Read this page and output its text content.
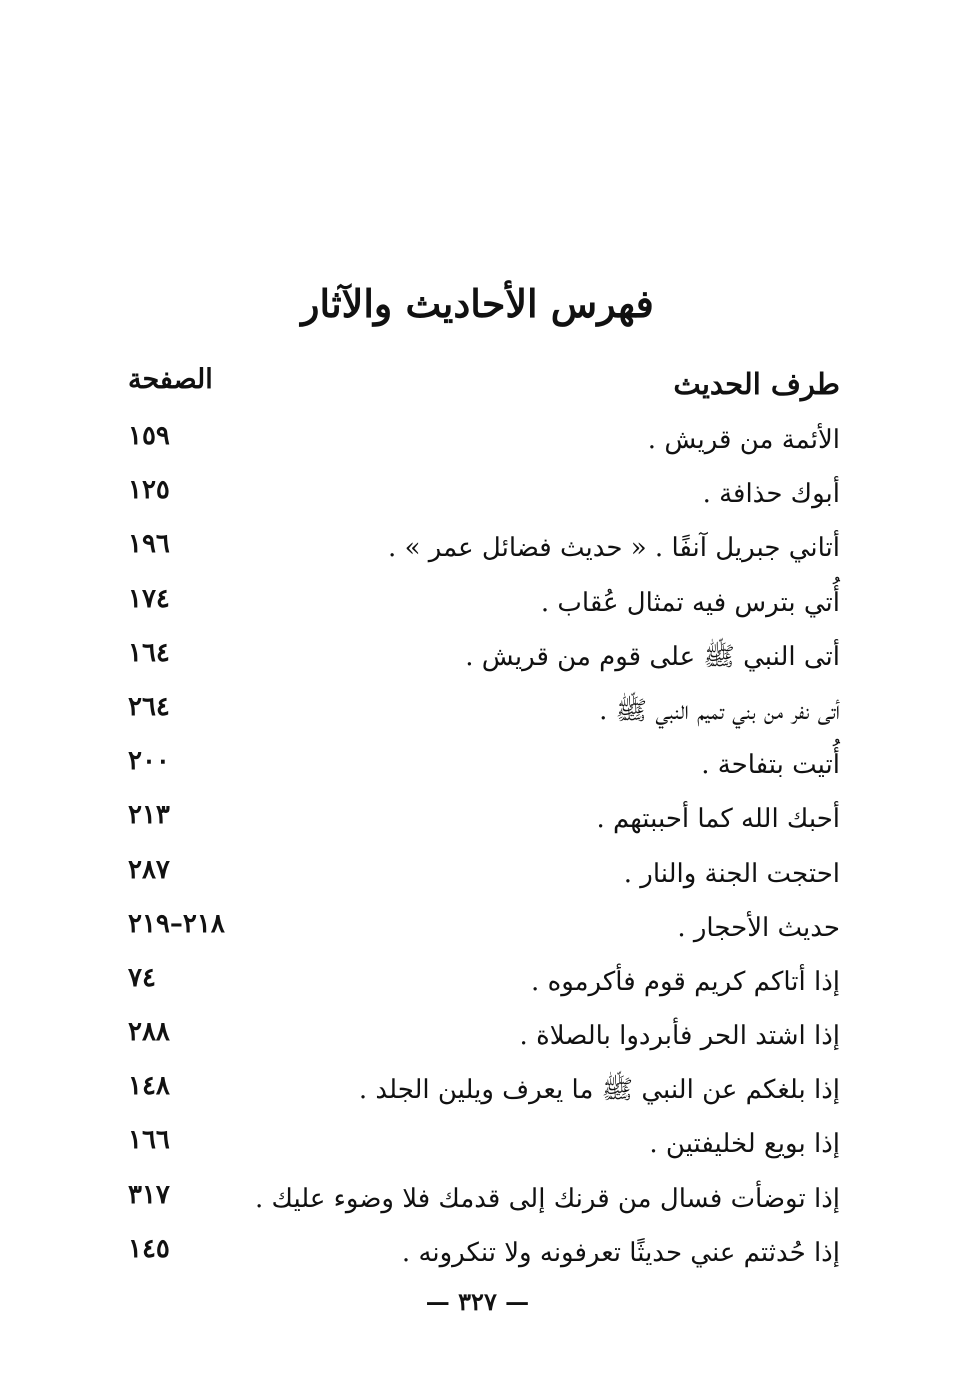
فهرس الأحاديث والآثار
طرف الحديث
الصفحة
الأئمة من قريش .
١٥٩
أبوك حذافة .
١٢٥
أتاني جبريل آنفًا . « حديث فضائل عمر » .
١٩٦
أُتي بترس فيه تمثال عُقاب .
١٧٤
أتى النبي ﷺ على قوم من قريش .
١٦٤
أتى نفر من بني تميم النبي ﷺ .
٢٦٤
أُتيت بتفاحة .
٢٠٠
أحبك الله كما أحببتهم .
٢١٣
احتجت الجنة والنار .
٢٨٧
حديث الأحجار .
٢١٨–٢١٩
إذا أتاكم كريم قوم فأكرموه .
٧٤
إذا اشتد الحر فأبردوا بالصلاة .
٢٨٨
إذا بلغكم عن النبي ﷺ ما يعرف ويلين الجلد .
١٤٨
إذا بويع لخليفتين .
١٦٦
إذا توضأت فسال من قرنك إلى قدمك فلا وضوء عليك .
٣١٧
إذا حُدثتم عني حديثًا تعرفونه ولا تنكرونه .
١٤٥
— ٣٢٧ —
